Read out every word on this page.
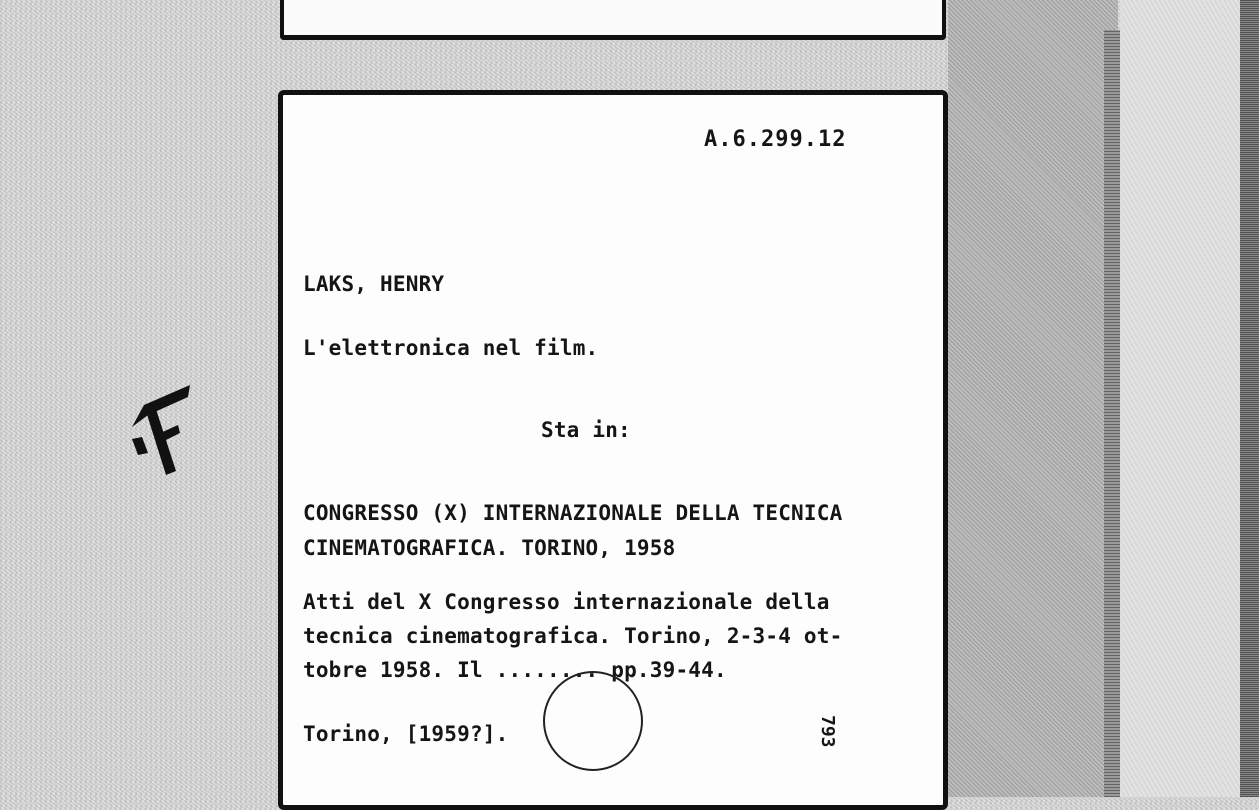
A.6.299.12
LAKS, HENRY
L'elettronica nel film.
Sta in:
CONGRESSO (X) INTERNAZIONALE DELLA TECNICA
CINEMATOGRAFICA. TORINO, 1958
Atti del X Congresso internazionale della
tecnica cinematografica. Torino, 2-3-4 ot-
tobre 1958. Il ........ pp.39-44.
Torino, [1959?].	793
